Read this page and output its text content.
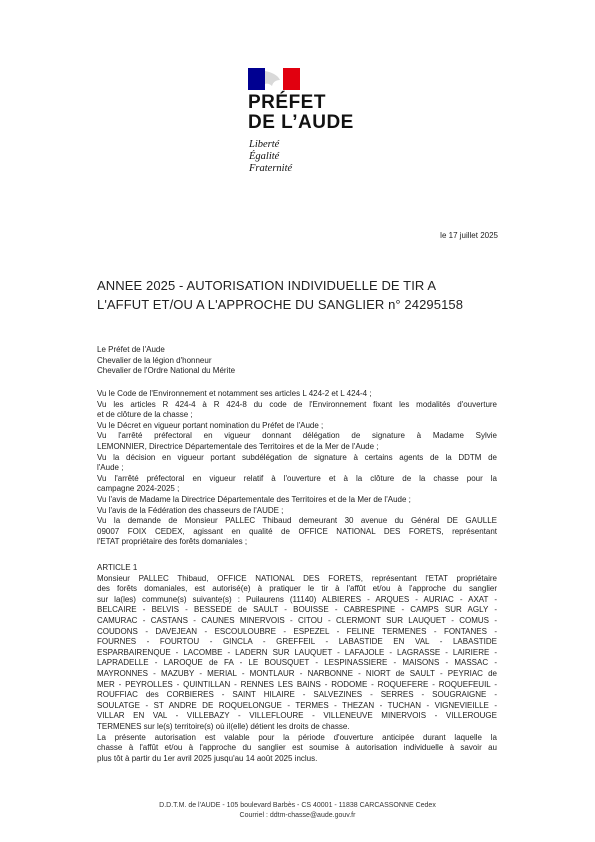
PRÉFET
DE L’AUDE
Liberté
Égalité
Fraternité
le 17 juillet 2025
ANNEE 2025 - AUTORISATION INDIVIDUELLE DE TIR A
L'AFFUT ET/OU A L'APPROCHE DU SANGLIER n° 24295158
Le Préfet de l'Aude
Chevalier de la légion d'honneur
Chevalier de l'Ordre National du Mérite
Vu le Code de l'Environnement et notamment ses articles L 424-2 et L 424-4 ;
Vu les articles R 424-4 à R 424-8 du code de l'Environnement fixant les modalités d'ouverture
et de clôture de la chasse ;
Vu le Décret en vigueur portant nomination du Préfet de l'Aude ;
Vu l'arrêté préfectoral en vigueur donnant délégation de signature à Madame Sylvie
LEMONNIER, Directrice Départementale des Territoires et de la Mer de l'Aude ;
Vu la décision en vigueur portant subdélégation de signature à certains agents de la DDTM de
l'Aude ;
Vu l'arrêté préfectoral en vigueur relatif à l'ouverture et à la clôture de la chasse pour la
campagne 2024-2025 ;
Vu l'avis de Madame la Directrice Départementale des Territoires et de la Mer de l'Aude ;
Vu l'avis de la Fédération des chasseurs de l'AUDE ;
Vu la demande de Monsieur PALLEC Thibaud demeurant 30 avenue du Général DE GAULLE
09007 FOIX CEDEX, agissant en qualité de OFFICE NATIONAL DES FORETS, représentant
l'ETAT propriétaire des forêts domaniales ;
ARTICLE 1
Monsieur PALLEC Thibaud, OFFICE NATIONAL DES FORETS, représentant l'ETAT propriétaire
des forêts domaniales, est autorisé(e) à pratiquer le tir à l'affût et/ou à l'approche du sanglier
sur la(les) commune(s) suivante(s) : Puilaurens (11140) ALBIERES - ARQUES - AURIAC - AXAT -
BELCAIRE - BELVIS - BESSEDE de SAULT - BOUISSE - CABRESPINE - CAMPS SUR AGLY -
CAMURAC - CASTANS - CAUNES MINERVOIS - CITOU - CLERMONT SUR LAUQUET - COMUS -
COUDONS - DAVEJEAN - ESCOULOUBRE - ESPEZEL - FELINE TERMENES - FONTANES -
FOURNES - FOURTOU - GINCLA - GREFFEIL - LABASTIDE EN VAL - LABASTIDE
ESPARBAIRENQUE - LACOMBE - LADERN SUR LAUQUET - LAFAJOLE - LAGRASSE - LAIRIERE -
LAPRADELLE - LAROQUE de FA - LE BOUSQUET - LESPINASSIERE - MAISONS - MASSAC -
MAYRONNES - MAZUBY - MERIAL - MONTLAUR - NARBONNE - NIORT de SAULT - PEYRIAC de
MER - PEYROLLES - QUINTILLAN - RENNES LES BAINS - RODOME - ROQUEFERE - ROQUEFEUIL -
ROUFFIAC des CORBIERES - SAINT HILAIRE - SALVEZINES - SERRES - SOUGRAIGNE -
SOULATGE - ST ANDRE DE ROQUELONGUE - TERMES - THEZAN - TUCHAN - VIGNEVIEILLE -
VILLAR EN VAL - VILLEBAZY - VILLEFLOURE - VILLENEUVE MINERVOIS - VILLEROUGE
TERMENES sur le(s) territoire(s) où il(elle) détient les droits de chasse.
La présente autorisation est valable pour la période d'ouverture anticipée durant laquelle la
chasse à l'affût et/ou à l'approche du sanglier est soumise à autorisation individuelle à savoir au
plus tôt à partir du 1er avril 2025 jusqu'au 14 août 2025 inclus.
D.D.T.M. de l'AUDE - 105 boulevard Barbès - CS 40001 - 11838 CARCASSONNE Cedex
Courriel : ddtm-chasse@aude.gouv.fr
